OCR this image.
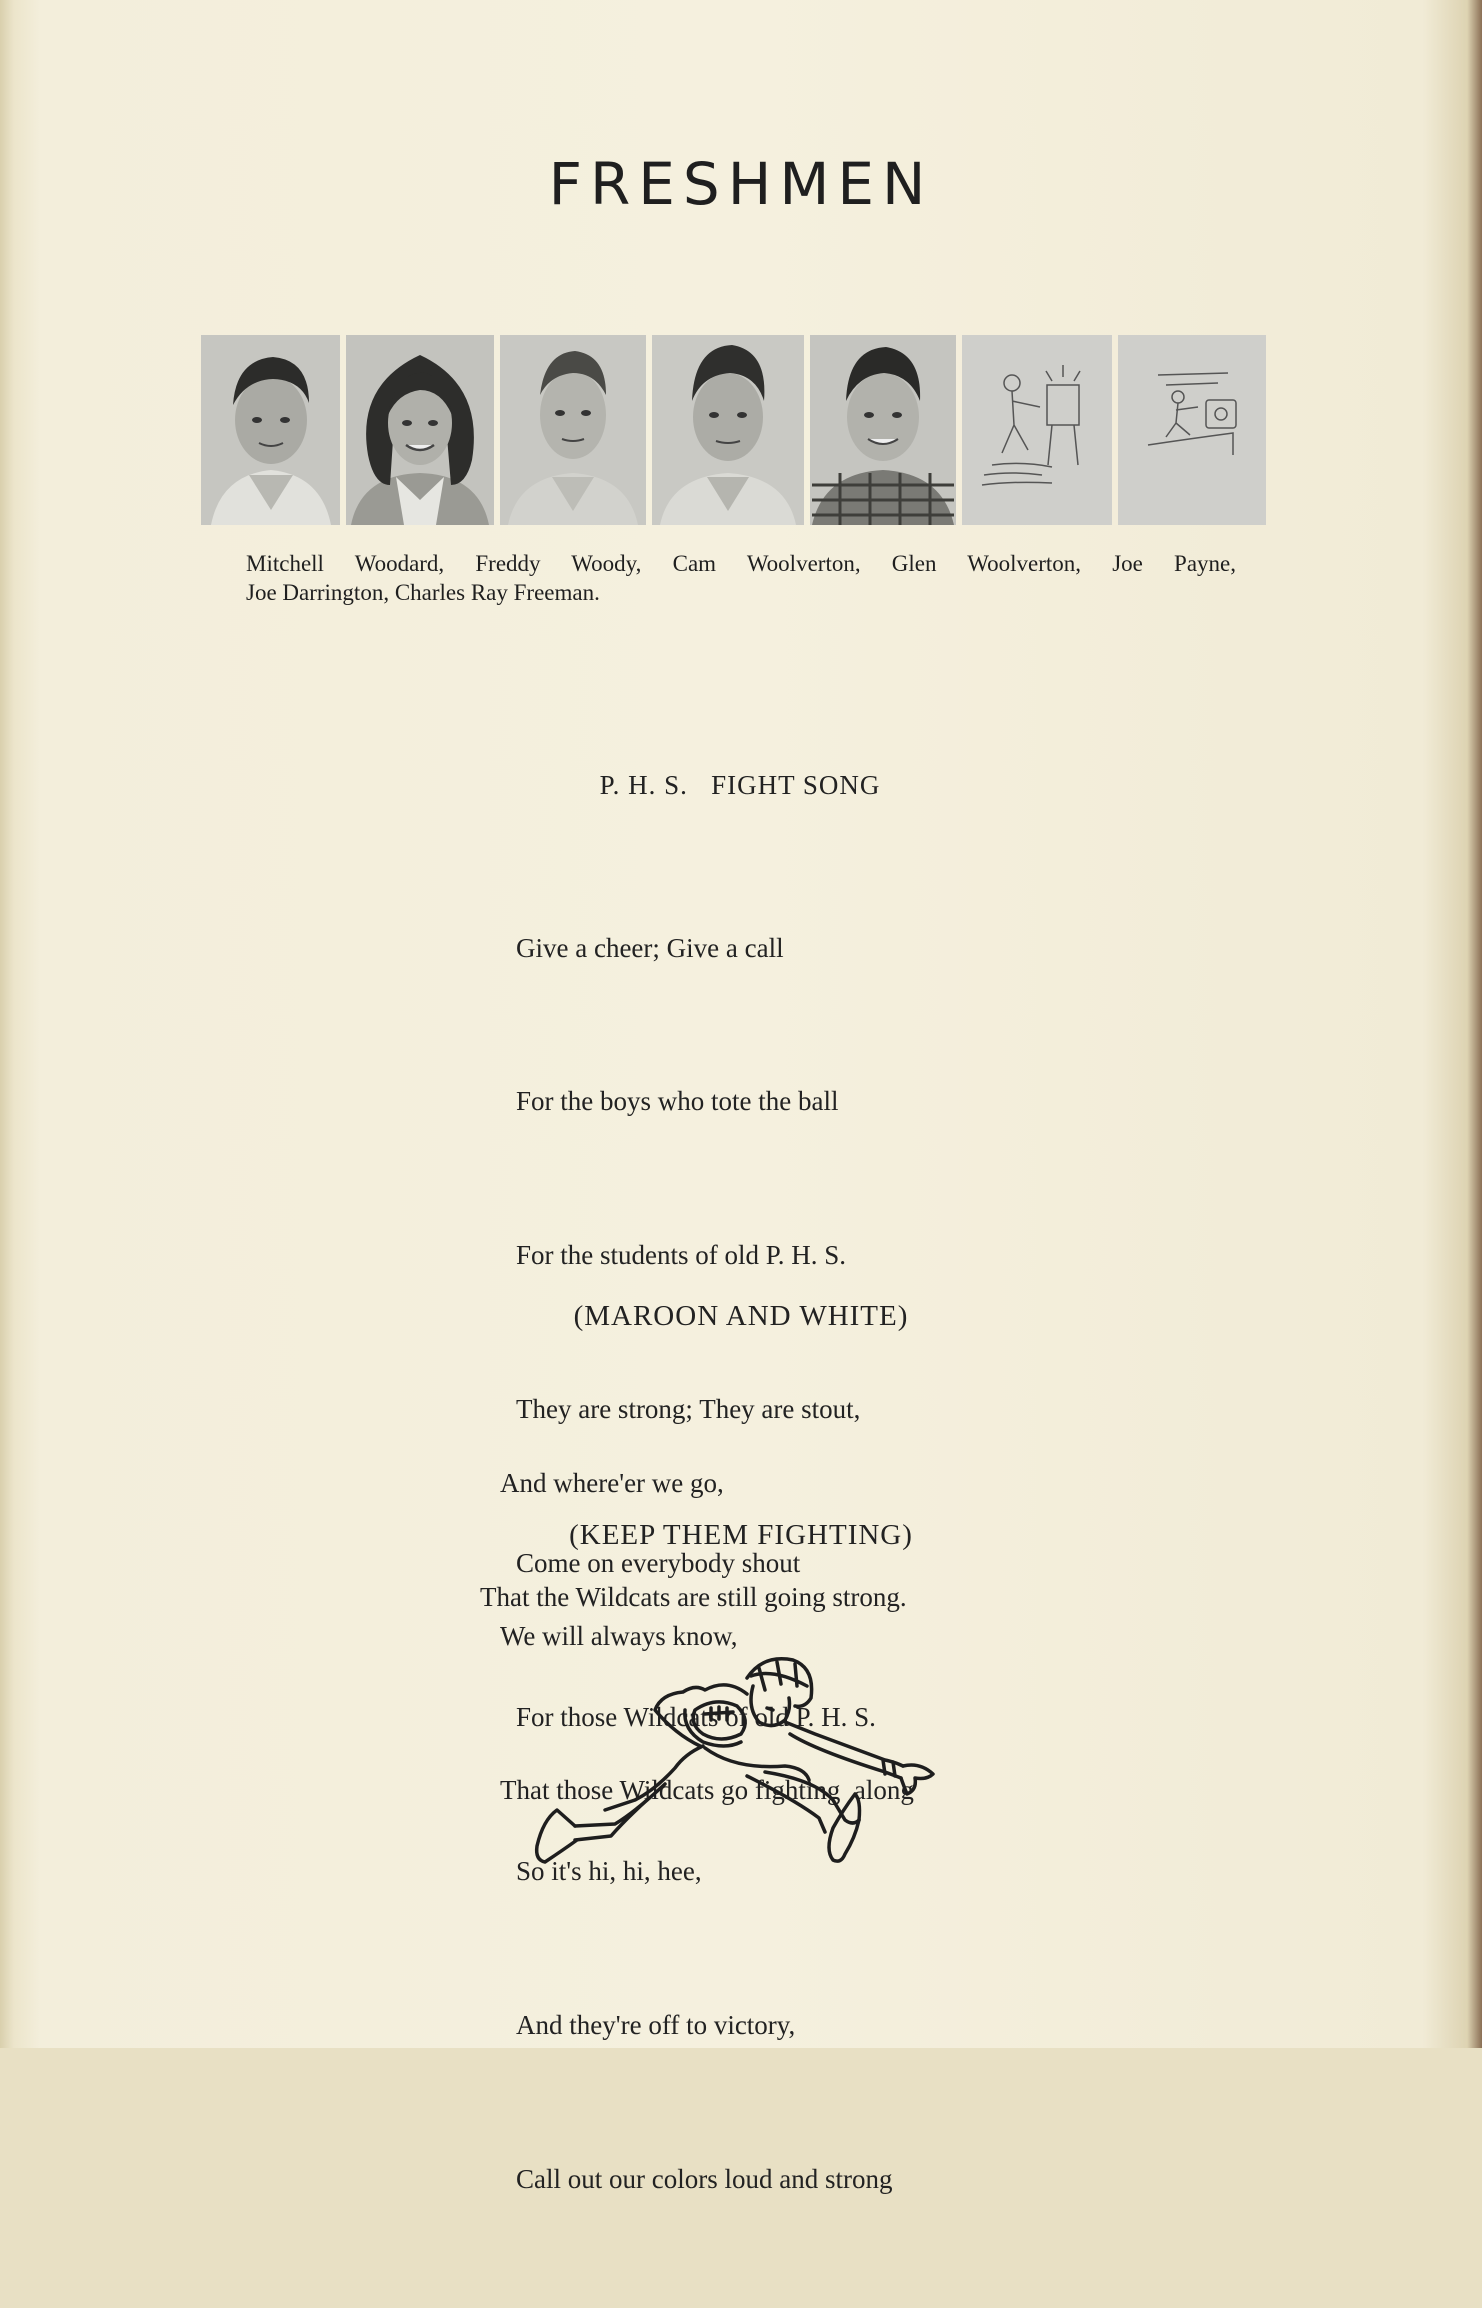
FRESHMEN
Mitchell Woodard, Freddy Woody, Cam Woolverton, Glen Woolverton, Joe Payne,
Joe Darrington, Charles Ray Freeman.
P. H. S.   FIGHT SONG

Give a cheer; Give a call

For the boys who tote the ball

For the students of old P. H. S.

They are strong; They are stout,

Come on everybody shout

For those Wildcats of old P. H. S.

So it's hi, hi, hee,

And they're off to victory,

Call out our colors loud and strong

(MAROON AND WHITE)

And where'er we go,

We will always know,

That those Wildcats go fighting  along

(KEEP THEM FIGHTING)
That the Wildcats are still going strong.
